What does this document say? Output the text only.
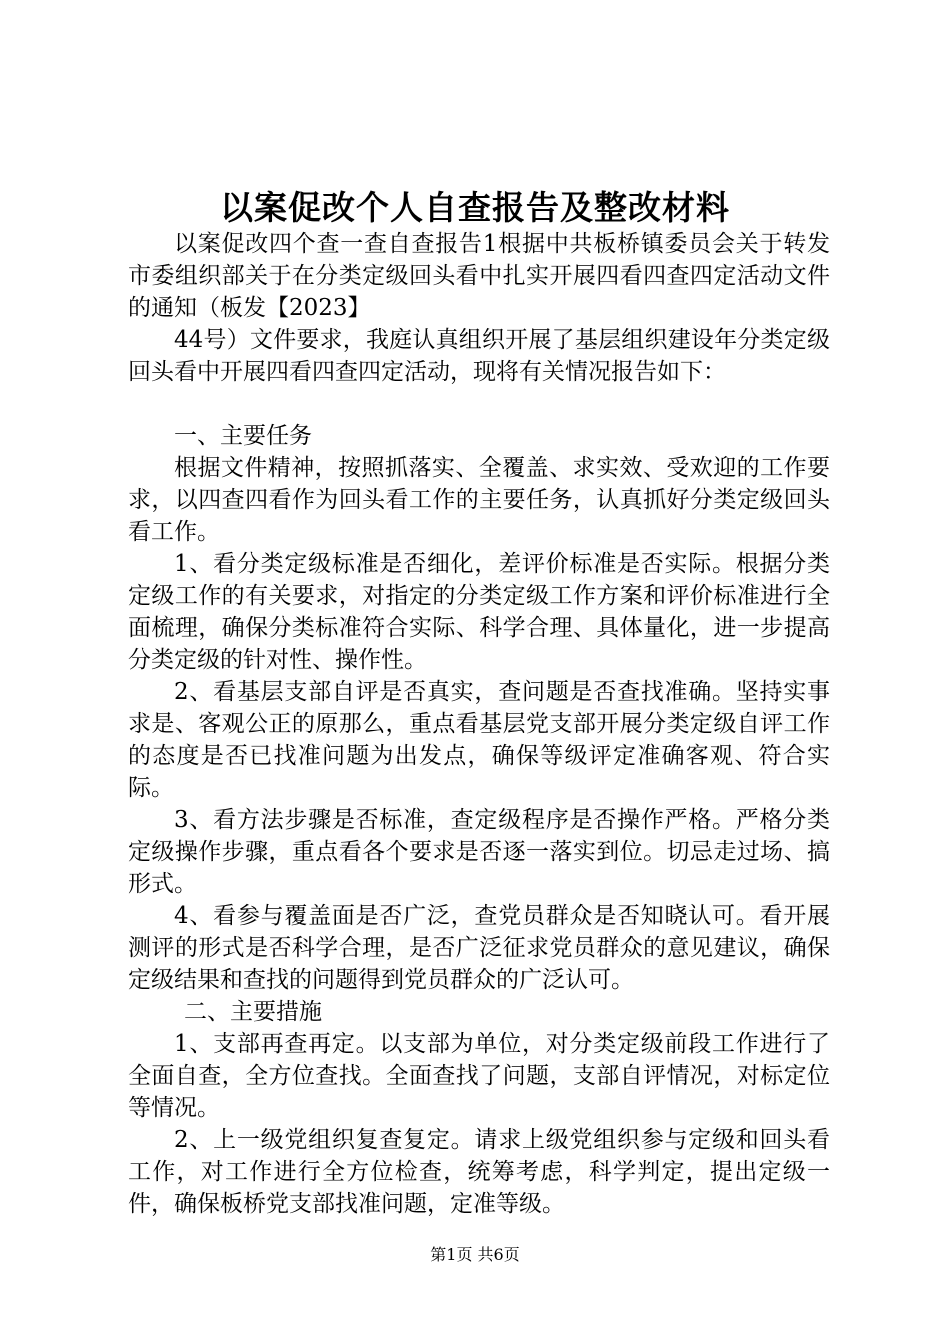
以案促改个人自查报告及整改材料

以案促改四个查一查自查报告1根据中共板桥镇委员会关于转发市委组织部关于在分类定级回头看中扎实开展四看四查四定活动文件的通知（板发【2023】

44号）文件要求，我庭认真组织开展了基层组织建设年分类定级回头看中开展四看四查四定活动，现将有关情况报告如下：

一、主要任务

根据文件精神，按照抓落实、全覆盖、求实效、受欢迎的工作要求，以四查四看作为回头看工作的主要任务，认真抓好分类定级回头看工作。

1、看分类定级标准是否细化，差评价标准是否实际。根据分类定级工作的有关要求，对指定的分类定级工作方案和评价标准进行全面梳理，确保分类标准符合实际、科学合理、具体量化，进一步提高分类定级的针对性、操作性。

2、看基层支部自评是否真实，查问题是否查找准确。坚持实事求是、客观公正的原那么，重点看基层党支部开展分类定级自评工作的态度是否已找准问题为出发点，确保等级评定准确客观、符合实际。

3、看方法步骤是否标准，查定级程序是否操作严格。严格分类定级操作步骤，重点看各个要求是否逐一落实到位。切忌走过场、搞形式。

4、看参与覆盖面是否广泛，查党员群众是否知晓认可。看开展测评的形式是否科学合理，是否广泛征求党员群众的意见建议，确保定级结果和查找的问题得到党员群众的广泛认可。

二、主要措施

1、支部再查再定。以支部为单位，对分类定级前段工作进行了全面自查，全方位查找。全面查找了问题，支部自评情况，对标定位等情况。

2、上一级党组织复查复定。请求上级党组织参与定级和回头看工作，对工作进行全方位检查，统筹考虑，科学判定，提出定级一件，确保板桥党支部找准问题，定准等级。

第1页 共6页
